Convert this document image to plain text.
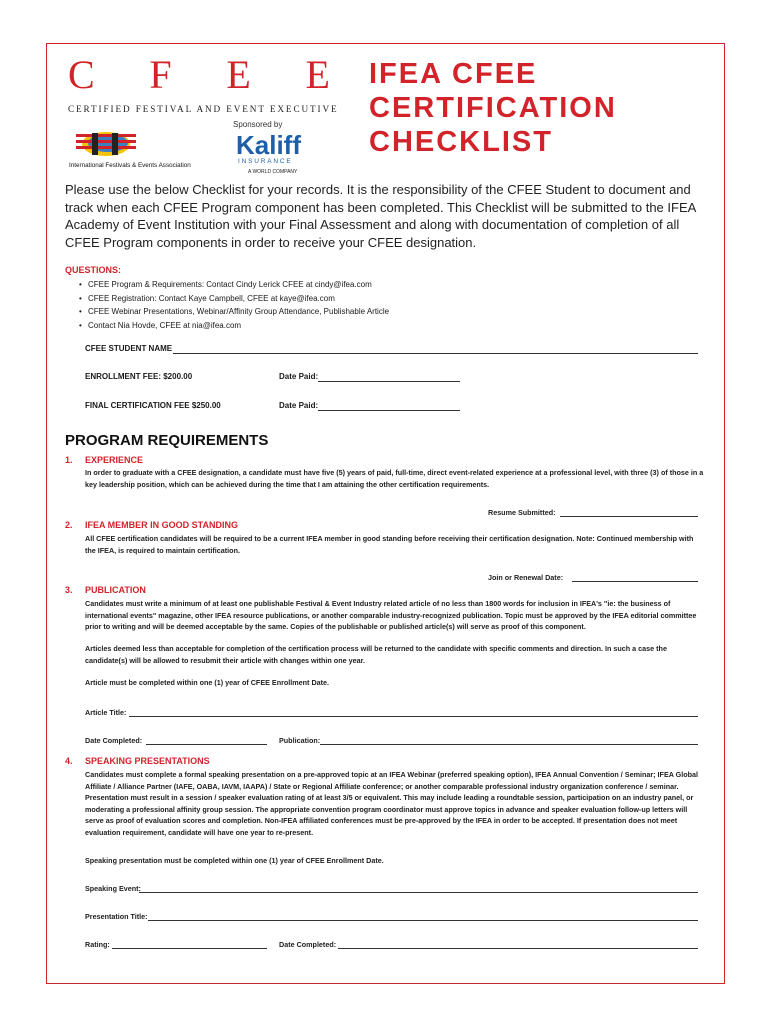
C F E E
CERTIFIED FESTIVAL AND EVENT EXECUTIVE
Sponsored by
International Festivals & Events Association
Kaliff
INSURANCE
A WORLD COMPANY
IFEA CFEE
CERTIFICATION
CHECKLIST
Please use the below Checklist for your records. It is the responsibility of the CFEE Student to document and track when each CFEE Program component has been completed. This Checklist will be submitted to the IFEA Academy of Event Institution with your Final Assessment and along with documentation of completion of all CFEE Program components in order to receive your CFEE designation.
QUESTIONS:
• CFEE Program & Requirements: Contact Cindy Lerick CFEE at cindy@ifea.com
• CFEE Registration: Contact Kaye Campbell, CFEE at kaye@ifea.com
• CFEE Webinar Presentations, Webinar/Affinity Group Attendance, Publishable Article
• Contact Nia Hovde, CFEE at nia@ifea.com
CFEE STUDENT NAME
ENROLLMENT FEE: $200.00	Date Paid:
FINAL CERTIFICATION FEE $250.00	Date Paid:
PROGRAM REQUIREMENTS
1. EXPERIENCE
In order to graduate with a CFEE designation, a candidate must have five (5) years of paid, full-time, direct event-related experience at a professional level, with three (3) of those in a key leadership position, which can be achieved during the time that I am attaining the other certification requirements.
Resume Submitted:
2. IFEA MEMBER IN GOOD STANDING
All CFEE certification candidates will be required to be a current IFEA member in good standing before receiving their certification designation. Note: Continued membership with the IFEA, is required to maintain certification.
Join or Renewal Date:
3. PUBLICATION
Candidates must write a minimum of at least one publishable Festival & Event Industry related article of no less than 1800 words for inclusion in IFEA's "ie: the business of international events" magazine, other IFEA resource publications, or another comparable industry-recognized publication. Topic must be approved by the IFEA editorial committee prior to writing and will be deemed acceptable by the same. Copies of the publishable or published article(s) will serve as proof of this component.
Articles deemed less than acceptable for completion of the certification process will be returned to the candidate with specific comments and direction. In such a case the candidate(s) will be allowed to resubmit their article with changes within one year.
Article must be completed within one (1) year of CFEE Enrollment Date.
Article Title:
Date Completed:	Publication:
4. SPEAKING PRESENTATIONS
Candidates must complete a formal speaking presentation on a pre-approved topic at an IFEA Webinar (preferred speaking option), IFEA Annual Convention / Seminar; IFEA Global Affiliate / Alliance Partner (IAFE, OABA, IAVM, IAAPA) / State or Regional Affiliate conference; or another comparable professional industry organization conference / seminar. Presentation must result in a session / speaker evaluation rating of at least 3/5 or equivalent. This may include leading a roundtable session, participation on an industry panel, or moderating a professional affinity group session. The appropriate convention program coordinator must approve topics in advance and speaker evaluation follow-up letters will serve as proof of evaluation scores and completion. Non-IFEA affiliated conferences must be pre-approved by the IFEA in order to be accepted. If presentation does not meet evaluation requirement, candidate will have one year to re-present.
Speaking presentation must be completed within one (1) year of CFEE Enrollment Date.
Speaking Event:
Presentation Title:
Rating:	Date Completed:
